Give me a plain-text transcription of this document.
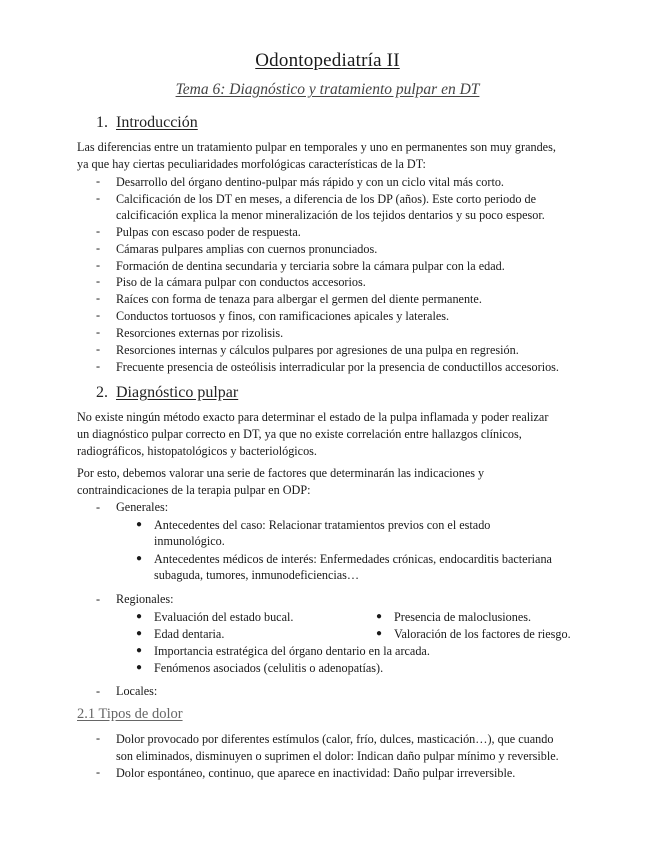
Odontopediatría II
Tema 6: Diagnóstico y tratamiento pulpar en DT
1. Introducción
Las diferencias entre un tratamiento pulpar en temporales y uno en permanentes son muy grandes,
ya que hay ciertas peculiaridades morfológicas características de la DT:
- Desarrollo del órgano dentino-pulpar más rápido y con un ciclo vital más corto.
- Calcificación de los DT en meses, a diferencia de los DP (años). Este corto periodo de
calcificación explica la menor mineralización de los tejidos dentarios y su poco espesor.
- Pulpas con escaso poder de respuesta.
- Cámaras pulpares amplias con cuernos pronunciados.
- Formación de dentina secundaria y terciaria sobre la cámara pulpar con la edad.
- Piso de la cámara pulpar con conductos accesorios.
- Raíces con forma de tenaza para albergar el germen del diente permanente.
- Conductos tortuosos y finos, con ramificaciones apicales y laterales.
- Resorciones externas por rizolisis.
- Resorciones internas y cálculos pulpares por agresiones de una pulpa en regresión.
- Frecuente presencia de osteólisis interradicular por la presencia de conductillos accesorios.
2. Diagnóstico pulpar
No existe ningún método exacto para determinar el estado de la pulpa inflamada y poder realizar
un diagnóstico pulpar correcto en DT, ya que no existe correlación entre hallazgos clínicos,
radiográficos, histopatológicos y bacteriológicos.
Por esto, debemos valorar una serie de factores que determinarán las indicaciones y
contraindicaciones de la terapia pulpar en ODP:
- Generales:
● Antecedentes del caso: Relacionar tratamientos previos con el estado
inmunológico.
● Antecedentes médicos de interés: Enfermedades crónicas, endocarditis bacteriana
subaguda, tumores, inmunodeficiencias…
- Regionales:
● Evaluación del estado bucal.	● Presencia de maloclusiones.
● Edad dentaria.	● Valoración de los factores de riesgo.
● Importancia estratégica del órgano dentario en la arcada.
● Fenómenos asociados (celulitis o adenopatías).
- Locales:
2.1 Tipos de dolor
- Dolor provocado por diferentes estímulos (calor, frío, dulces, masticación…), que cuando
son eliminados, disminuyen o suprimen el dolor: Indican daño pulpar mínimo y reversible.
- Dolor espontáneo, continuo, que aparece en inactividad: Daño pulpar irreversible.
